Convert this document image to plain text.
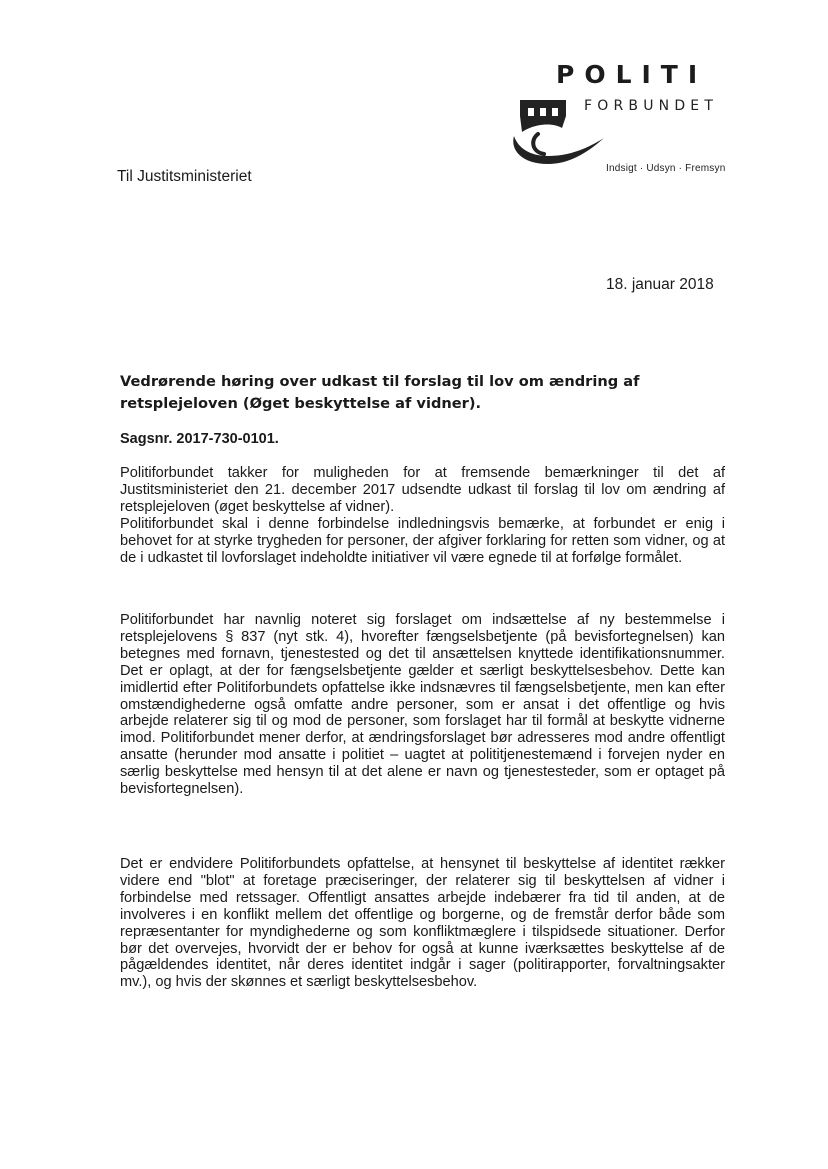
POLITI
FORBUNDET
Indsigt · Udsyn · Fremsyn
Til Justitsministeriet
18. januar 2018
Vedrørende høring over udkast til forslag til lov om ændring af retsplejeloven (Øget beskyttelse af vidner).
Sagsnr. 2017-730-0101.

Politiforbundet takker for muligheden for at fremsende bemærkninger til det af Justitsministeriet den 21. december 2017 udsendte udkast til forslag til lov om ændring af retsplejeloven (øget beskyttelse af vidner).

Politiforbundet skal i denne forbindelse indledningsvis bemærke, at forbundet er enig i behovet for at styrke trygheden for personer, der afgiver forklaring for retten som vidner, og at de i udkastet til lovforslaget indeholdte initiativer vil være egnede til at forfølge formålet.

Politiforbundet har navnlig noteret sig forslaget om indsættelse af ny bestemmelse i retsplejelovens § 837 (nyt stk. 4), hvorefter fængselsbetjente (på bevisfortegnelsen) kan betegnes med fornavn, tjenestested og det til ansættelsen knyttede identifikationsnummer. Det er oplagt, at der for fængselsbetjente gælder et særligt beskyttelsesbehov. Dette kan imidlertid efter Politiforbundets opfattelse ikke indsnævres til fængselsbetjente, men kan efter omstændighederne også omfatte andre personer, som er ansat i det offentlige og hvis arbejde relaterer sig til og mod de personer, som forslaget har til formål at beskytte vidnerne imod. Politiforbundet mener derfor, at ændringsforslaget bør adresseres mod andre offentligt ansatte (herunder mod ansatte i politiet – uagtet at polititjenestemænd i forvejen nyder en særlig beskyttelse med hensyn til at det alene er navn og tjenestesteder, som er optaget på bevisfortegnelsen).

Det er endvidere Politiforbundets opfattelse, at hensynet til beskyttelse af identitet rækker videre end "blot" at foretage præciseringer, der relaterer sig til beskyttelsen af vidner i forbindelse med retssager. Offentligt ansattes arbejde indebærer fra tid til anden, at de involveres i en konflikt mellem det offentlige og borgerne, og de fremstår derfor både som repræsentanter for myndighederne og som konfliktmæglere i tilspidsede situationer. Derfor bør det overvejes, hvorvidt der er behov for også at kunne iværksættes beskyttelse af de pågældendes identitet, når deres identitet indgår i sager (politirapporter, forvaltningsakter mv.), og hvis der skønnes et særligt beskyttelsesbehov.
